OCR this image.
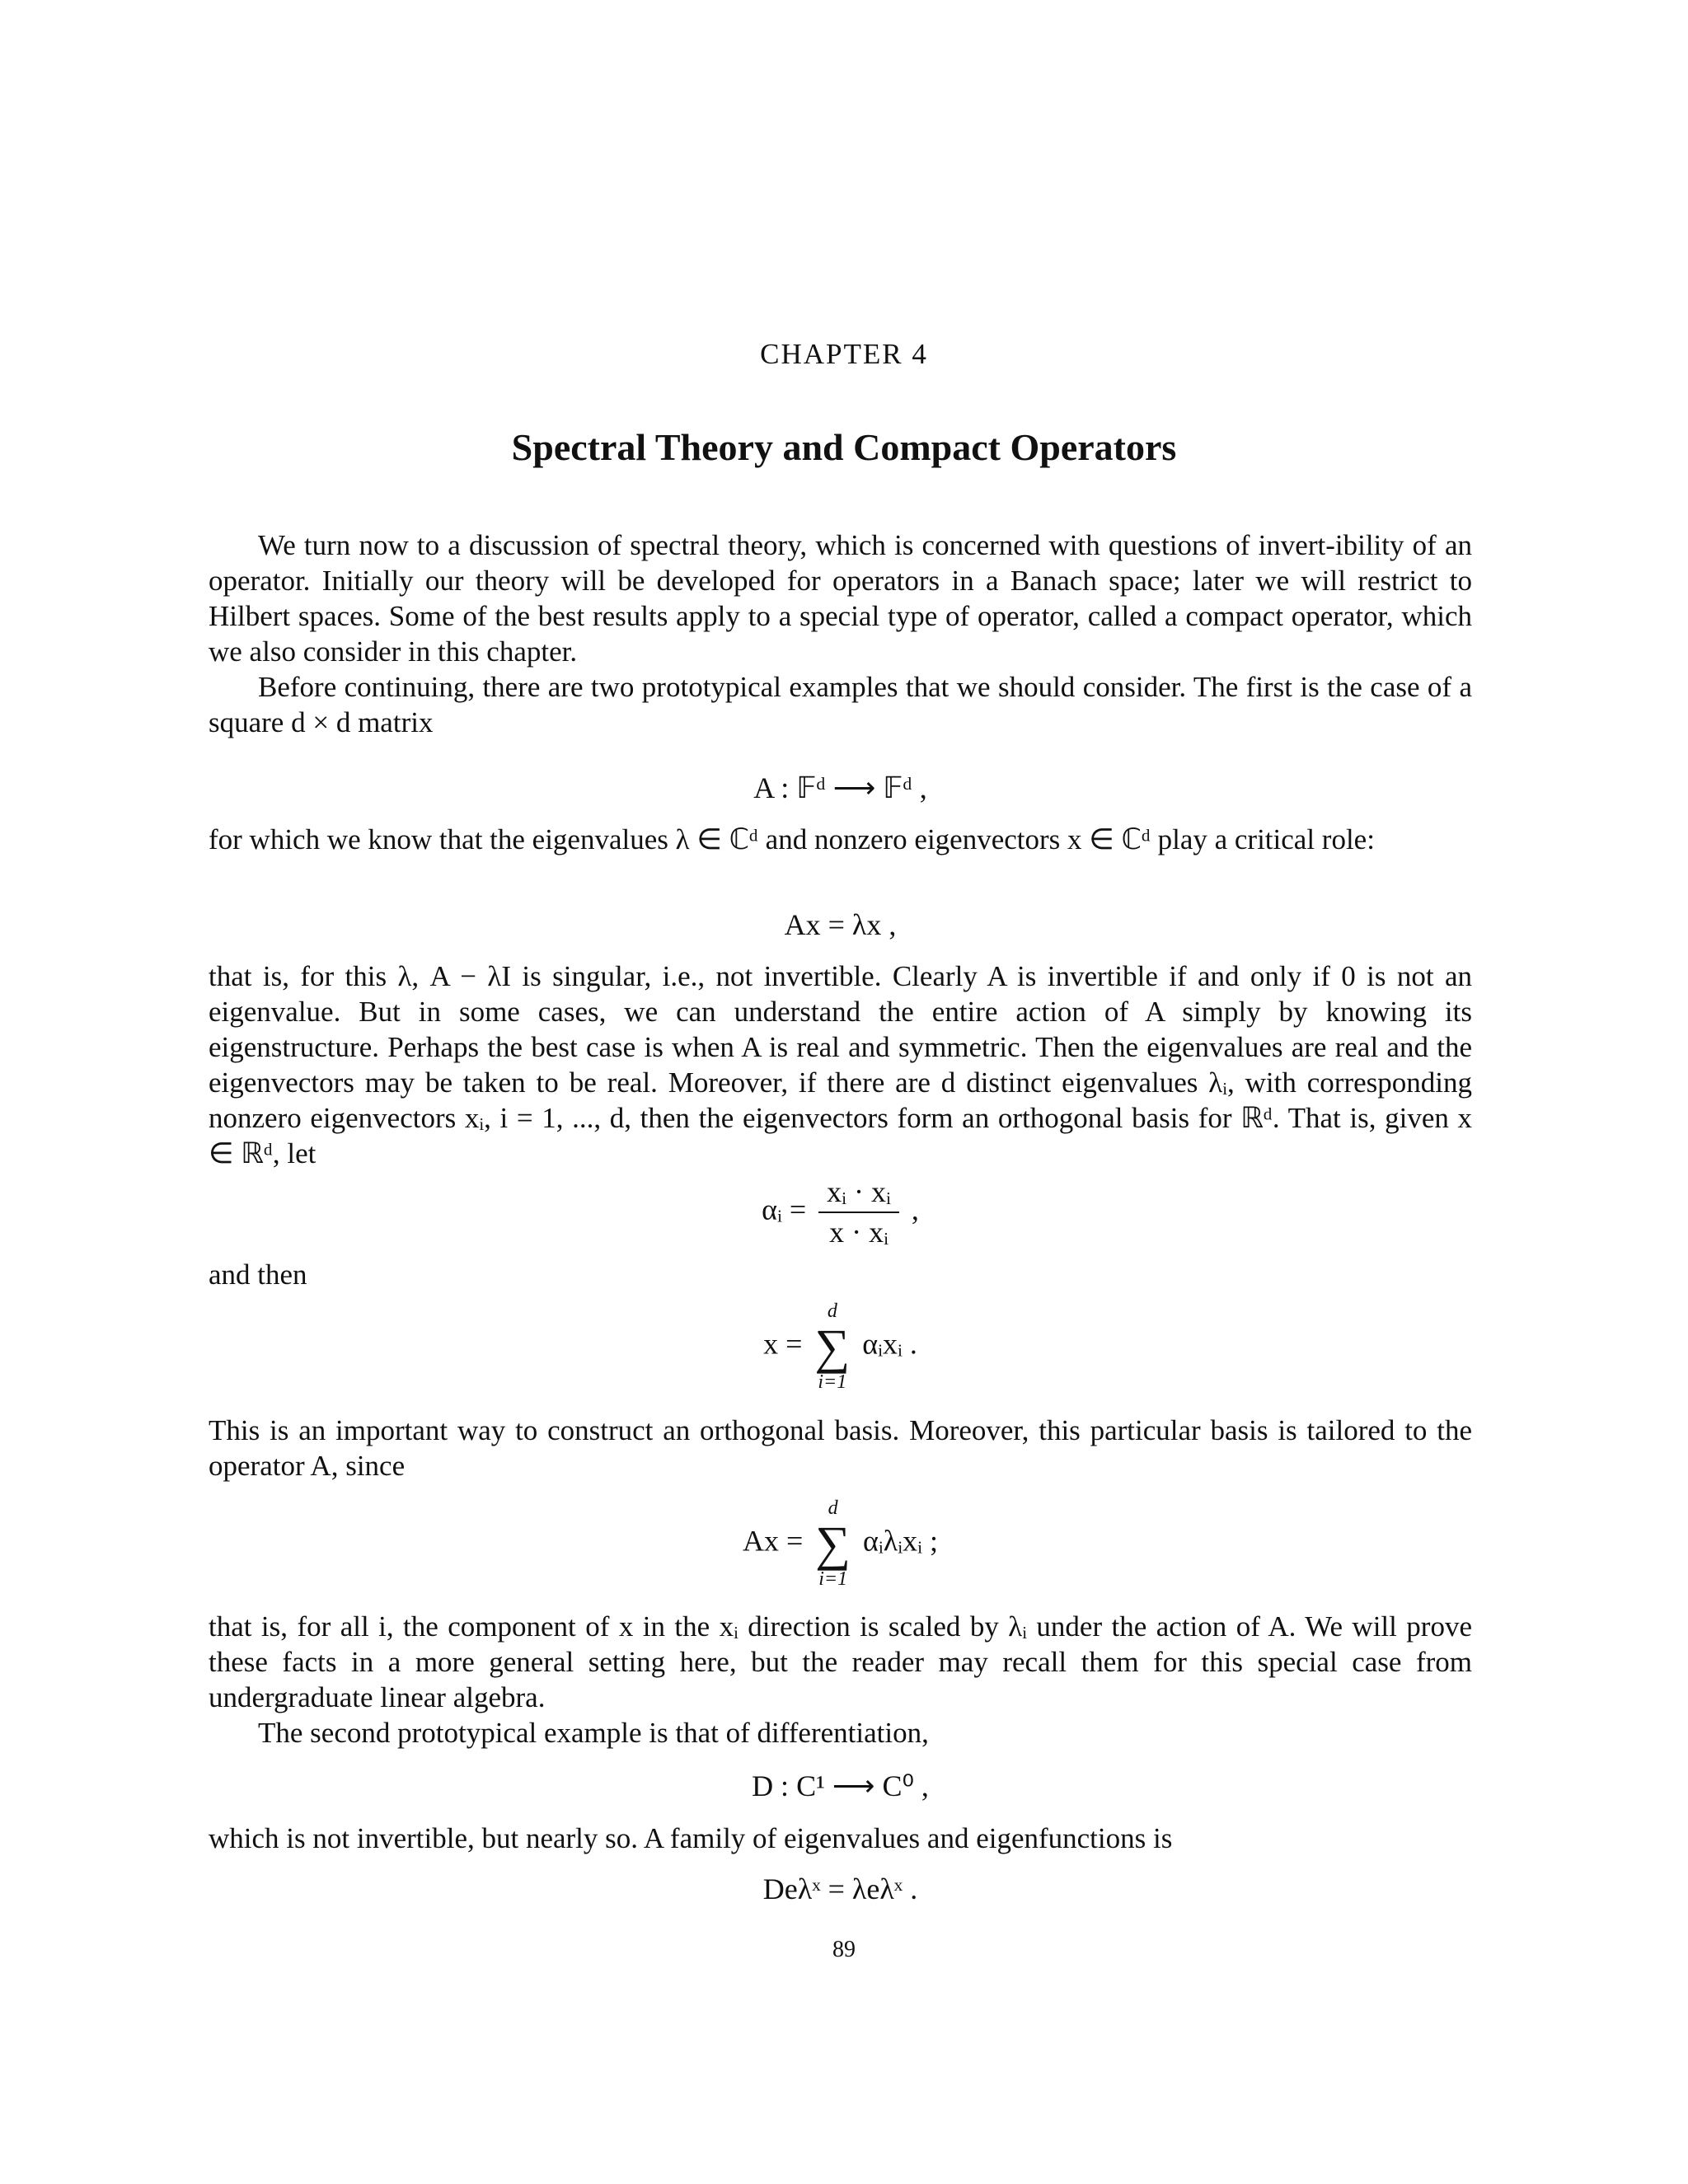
CHAPTER 4
Spectral Theory and Compact Operators
We turn now to a discussion of spectral theory, which is concerned with questions of invert-ibility of an operator. Initially our theory will be developed for operators in a Banach space; later we will restrict to Hilbert spaces. Some of the best results apply to a special type of operator, called a compact operator, which we also consider in this chapter.
Before continuing, there are two prototypical examples that we should consider. The first is the case of a square d × d matrix
A : 𝔽ᵈ ⟶ 𝔽ᵈ ,
for which we know that the eigenvalues λ ∈ ℂᵈ and nonzero eigenvectors x ∈ ℂᵈ play a critical role:
Ax = λx ,
that is, for this λ, A − λI is singular, i.e., not invertible. Clearly A is invertible if and only if 0 is not an eigenvalue. But in some cases, we can understand the entire action of A simply by knowing its eigenstructure. Perhaps the best case is when A is real and symmetric. Then the eigenvalues are real and the eigenvectors may be taken to be real. Moreover, if there are d distinct eigenvalues λᵢ, with corresponding nonzero eigenvectors xᵢ, i = 1, ..., d, then the eigenvectors form an orthogonal basis for ℝᵈ. That is, given x ∈ ℝᵈ, let
αᵢ = $\frac{\text{xᵢ · xᵢ}}{\text{x · xᵢ}}$ ,
and then
x =
d
∑
i=1
αᵢxᵢ .
This is an important way to construct an orthogonal basis. Moreover, this particular basis is tailored to the operator A, since
Ax =
d
∑
i=1
αᵢλᵢxᵢ ;
that is, for all i, the component of x in the xᵢ direction is scaled by λᵢ under the action of A. We will prove these facts in a more general setting here, but the reader may recall them for this special case from undergraduate linear algebra.
The second prototypical example is that of differentiation,
D : C¹ ⟶ C⁰ ,
which is not invertible, but nearly so. A family of eigenvalues and eigenfunctions is
Deλˣ = λeλˣ .
89
